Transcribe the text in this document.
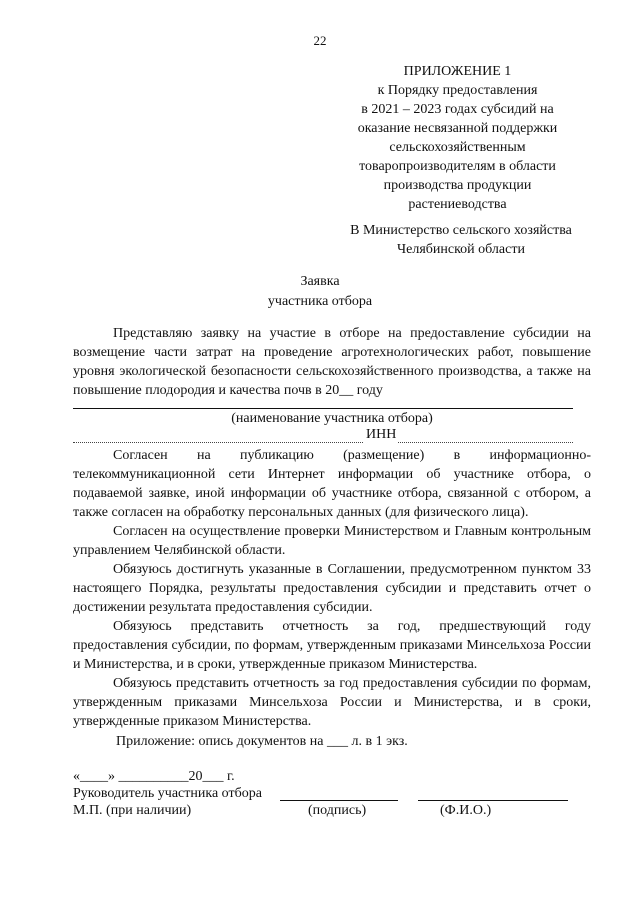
22
ПРИЛОЖЕНИЕ 1
к Порядку предоставления
в 2021 – 2023 годах субсидий на
оказание несвязанной поддержки
сельскохозяйственным
товаропроизводителям в области
производства продукции
растениеводства
В Министерство сельского хозяйства
Челябинской области
Заявка
участника отбора
Представляю заявку на участие в отборе на предоставление субсидии на возмещение части затрат на проведение агротехнологических работ, повышение уровня экологической безопасности сельскохозяйственного производства, а также на повышение плодородия и качества почв в 20__ году
(наименование участника отбора)
ИНН
Согласен на публикацию (размещение) в информационно-телекоммуникационной сети Интернет информации об участнике отбора, о подаваемой заявке, иной информации об участнике отбора, связанной с отбором, а также согласен на обработку персональных данных (для физического лица).
Согласен на осуществление проверки Министерством и Главным контрольным управлением Челябинской области.
Обязуюсь достигнуть указанные в Соглашении, предусмотренном пунктом 33 настоящего Порядка, результаты предоставления субсидии и представить отчет о достижении результата предоставления субсидии.
Обязуюсь представить отчетность за год, предшествующий году предоставления субсидии, по формам, утвержденным приказами Минсельхоза России и Министерства, и в сроки, утвержденные приказом Министерства.
Обязуюсь представить отчетность за год предоставления субсидии по формам, утвержденным приказами Минсельхоза России и Министерства, и в сроки, утвержденные приказом Министерства.
Приложение: опись документов на ___ л. в 1 экз.
«____» __________20___ г.
Руководитель участника отбора
М.П. (при наличии)	(подпись)	(Ф.И.О.)
